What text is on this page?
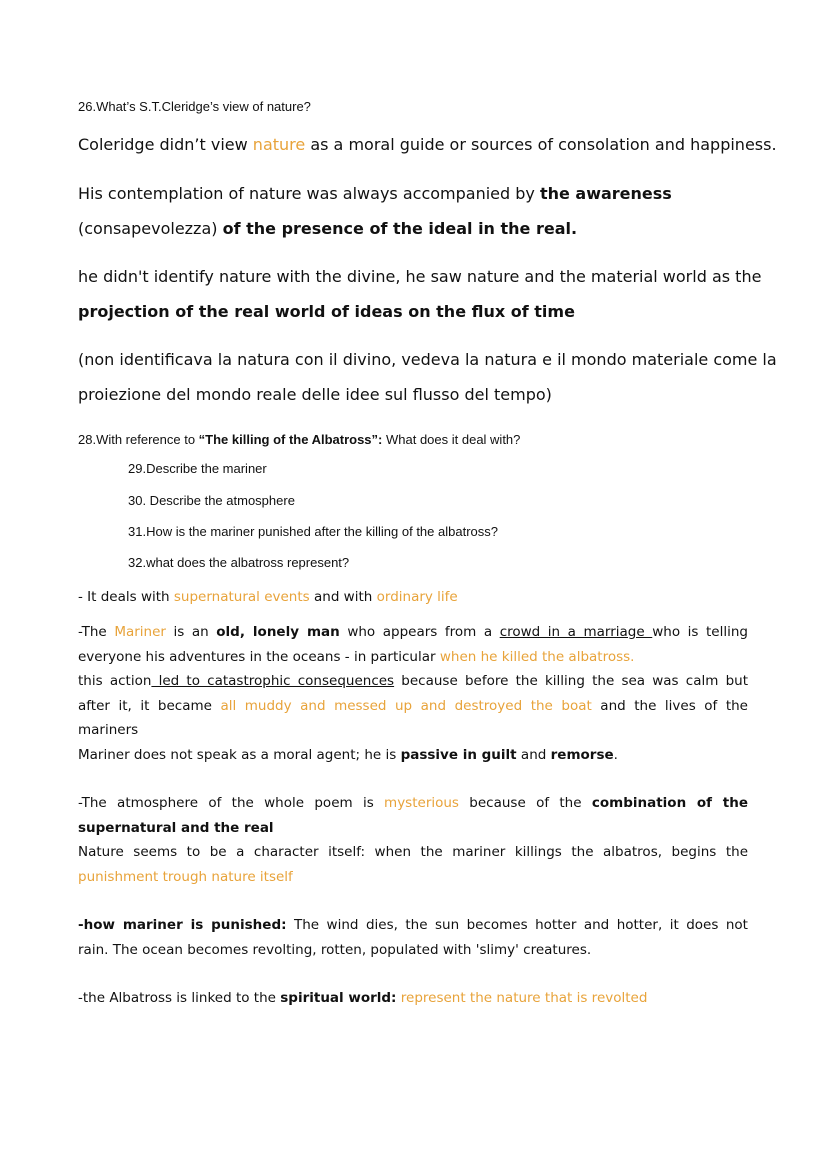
26.What’s S.T.Cleridge’s view of nature?
Coleridge didn’t view nature as a moral guide or sources of consolation and happiness.
His contemplation of nature was always accompanied by the awareness
(consapevolezza) of the presence of the ideal in the real.
he didn't identify nature with the divine, he saw nature and the material world as the
projection of the real world of ideas on the flux of time
(non identificava la natura con il divino, vedeva la natura e il mondo materiale come la
proiezione del mondo reale delle idee sul flusso del tempo)
28.With reference to “The killing of the Albatross”: What does it deal with?
29.Describe the mariner
30. Describe the atmosphere
31.How is the mariner punished after the killing of the albatross?
32.what does the albatross represent?

- It deals with supernatural events and with ordinary life

-The Mariner is an old, lonely man who appears from a crowd in a marriage who is telling

everyone his adventures in the oceans - in particular when he killed the albatross.

this action led to catastrophic consequences because before the killing the sea was calm but

after it, it became all muddy and messed up and destroyed the boat and the lives of the

mariners

Mariner does not speak as a moral agent; he is passive in guilt and remorse.

-The atmosphere of the whole poem is mysterious because of the combination of the

supernatural and the real

Nature seems to be a character itself: when the mariner killings the albatros, begins the

punishment trough nature itself

-how mariner is punished: The wind dies, the sun becomes hotter and hotter, it does not

rain. The ocean becomes revolting, rotten, populated with 'slimy' creatures.

-the Albatross is linked to the spiritual world: represent the nature that is revolted
